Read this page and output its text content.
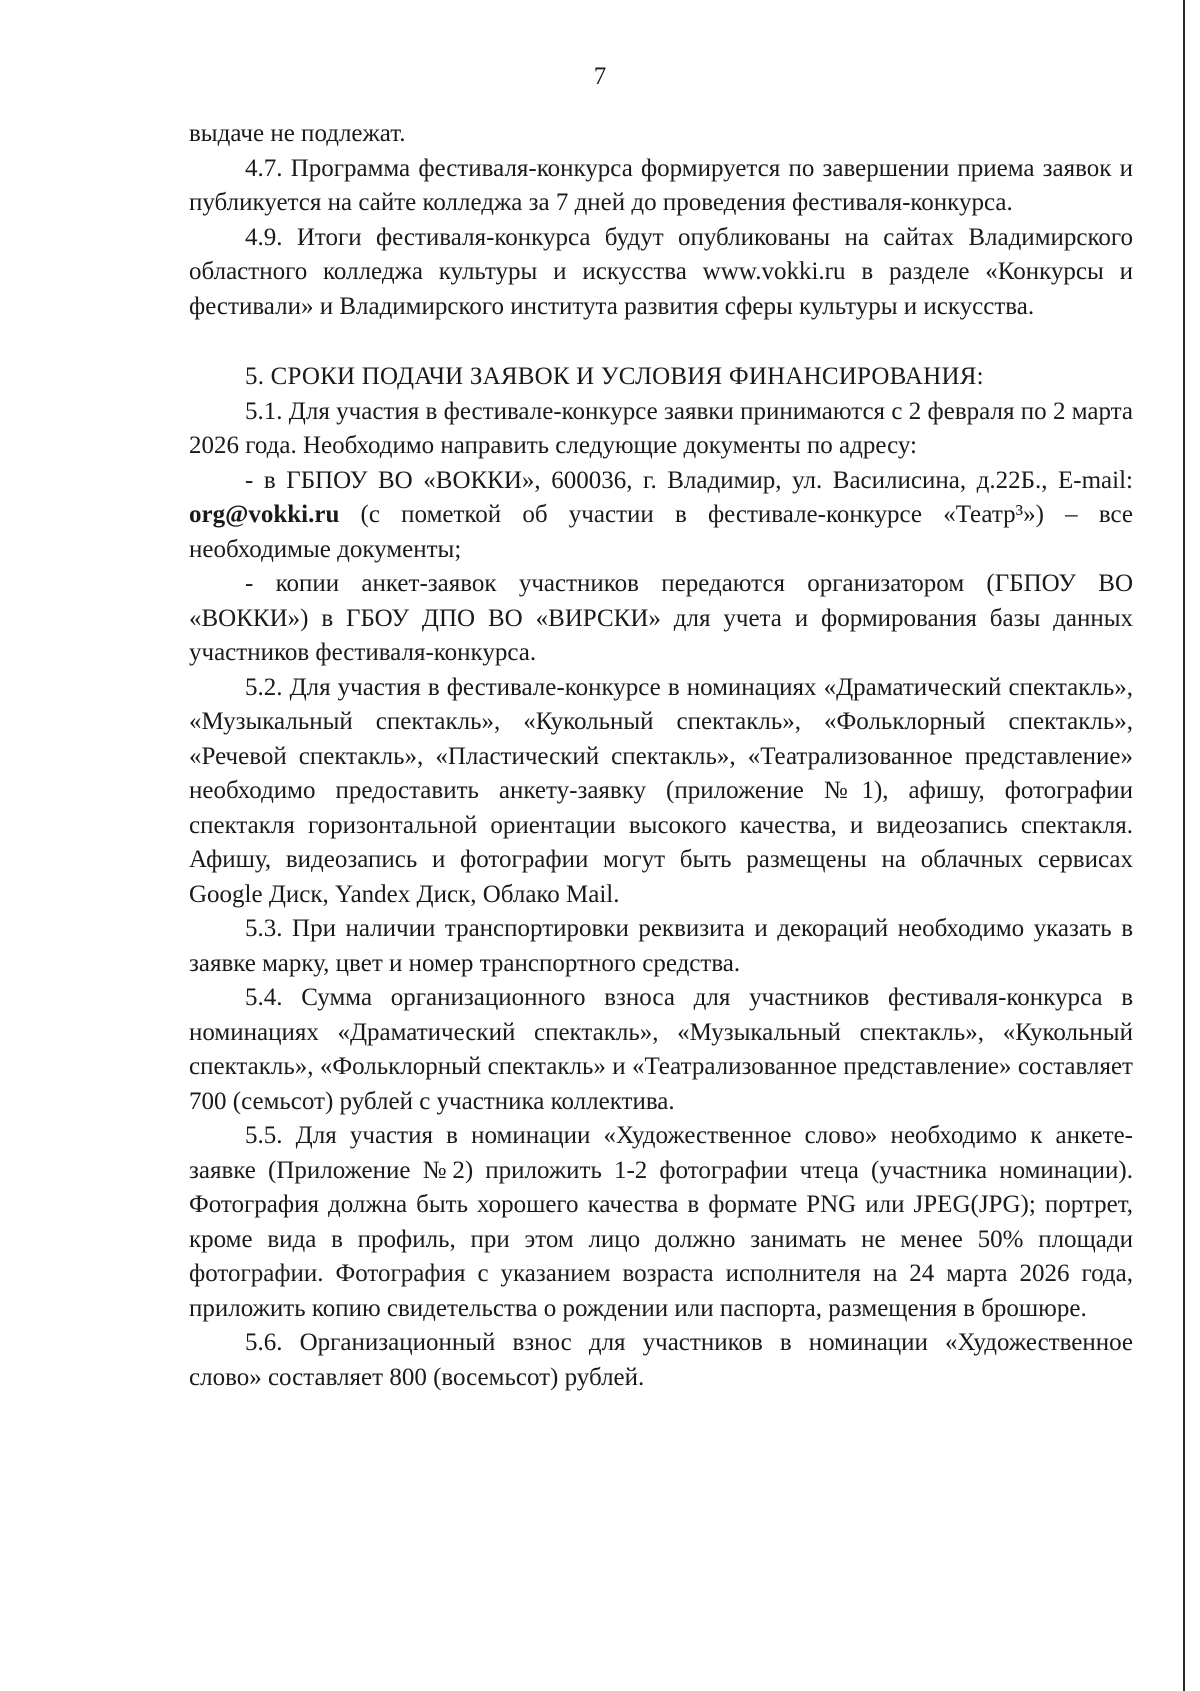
7

выдаче не подлежат.

4.7. Программа фестиваля-конкурса формируется по завершении приема заявок и публикуется на сайте колледжа за 7 дней до проведения фестиваля-конкурса.

4.9. Итоги фестиваля-конкурса будут опубликованы на сайтах Владимирского областного колледжа культуры и искусства www.vokki.ru в разделе «Конкурсы и фестивали» и Владимирского института развития сферы культуры и искусства.

5. СРОКИ ПОДАЧИ ЗАЯВОК И УСЛОВИЯ ФИНАНСИРОВАНИЯ:

5.1. Для участия в фестивале-конкурсе заявки принимаются с 2 февраля по 2 марта 2026 года. Необходимо направить следующие документы по адресу:

- в ГБПОУ ВО «ВОККИ», 600036, г. Владимир, ул. Василисина, д.22Б., E-mail: org@vokki.ru (с пометкой об участии в фестивале-конкурсе «Театр³») – все необходимые документы;

- копии анкет-заявок участников передаются организатором (ГБПОУ ВО «ВОККИ») в ГБОУ ДПО ВО «ВИРСКИ» для учета и формирования базы данных участников фестиваля-конкурса.

5.2. Для участия в фестивале-конкурсе в номинациях «Драматический спектакль», «Музыкальный спектакль», «Кукольный спектакль», «Фольклорный спектакль», «Речевой спектакль», «Пластический спектакль», «Театрализованное представление» необходимо предоставить анкету-заявку (приложение №1), афишу, фотографии спектакля горизонтальной ориентации высокого качества, и видеозапись спектакля. Афишу, видеозапись и фотографии могут быть размещены на облачных сервисах Google Диск, Yandex Диск, Облако Mail.

5.3. При наличии транспортировки реквизита и декораций необходимо указать в заявке марку, цвет и номер транспортного средства.

5.4. Сумма организационного взноса для участников фестиваля-конкурса в номинациях «Драматический спектакль», «Музыкальный спектакль», «Кукольный спектакль», «Фольклорный спектакль» и «Театрализованное представление» составляет 700 (семьсот) рублей с участника коллектива.

5.5. Для участия в номинации «Художественное слово» необходимо к анкете-заявке (Приложение №2) приложить 1-2 фотографии чтеца (участника номинации). Фотография должна быть хорошего качества в формате PNG или JPEG(JPG); портрет, кроме вида в профиль, при этом лицо должно занимать не менее 50% площади фотографии. Фотография с указанием возраста исполнителя на 24 марта 2026 года, приложить копию свидетельства о рождении или паспорта, размещения в брошюре.

5.6. Организационный взнос для участников в номинации «Художественное слово» составляет 800 (восемьсот) рублей.
